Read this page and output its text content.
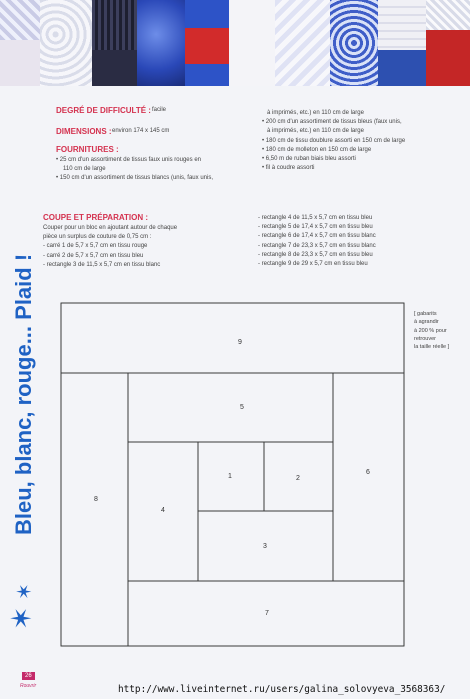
Bleu, blanc, rouge... Plaid !
✶
✶
DEGRÉ DE DIFFICULTÉ : facile
DIMENSIONS : environ 174 x 145 cm
FOURNITURES :
• 25 cm d'un assortiment de tissus faux unis rouges en
110 cm de large
• 150 cm d'un assortiment de tissus blancs (unis, faux unis,
à imprimés, etc.) en 110 cm de large
• 200 cm d'un assortiment de tissus bleus (faux unis,
à imprimés, etc.) en 110 cm de large
• 180 cm de tissu doublure assorti en 150 cm de large
• 180 cm de molleton en 150 cm de large
• 6,50 m de ruban biais bleu assorti
• fil à coudre assorti
COUPE ET PRÉPARATION :
Couper pour un bloc en ajoutant autour de chaque
pièce un surplus de couture de 0,75 cm :
- carré 1 de 5,7 x 5,7 cm en tissu rouge
- carré 2 de 5,7 x 5,7 cm en tissu bleu
- rectangle 3 de 11,5 x 5,7 cm en tissu blanc
- rectangle 4 de 11,5 x 5,7 cm en tissu bleu
- rectangle 5 de 17,4 x 5,7 cm en tissu bleu
- rectangle 6 de 17,4 x 5,7 cm en tissu blanc
- rectangle 7 de 23,3 x 5,7 cm en tissu blanc
- rectangle 8 de 23,3 x 5,7 cm en tissu bleu
- rectangle 9 de 29 x 5,7 cm en tissu bleu
1	2
3
4
5
6
7
8
9
[ gabarits
à agrandir
à 200 % pour
retrouver
la taille réelle ]
26
Rouvrir	http://www.liveinternet.ru/users/galina_solovyeva_3568363/
